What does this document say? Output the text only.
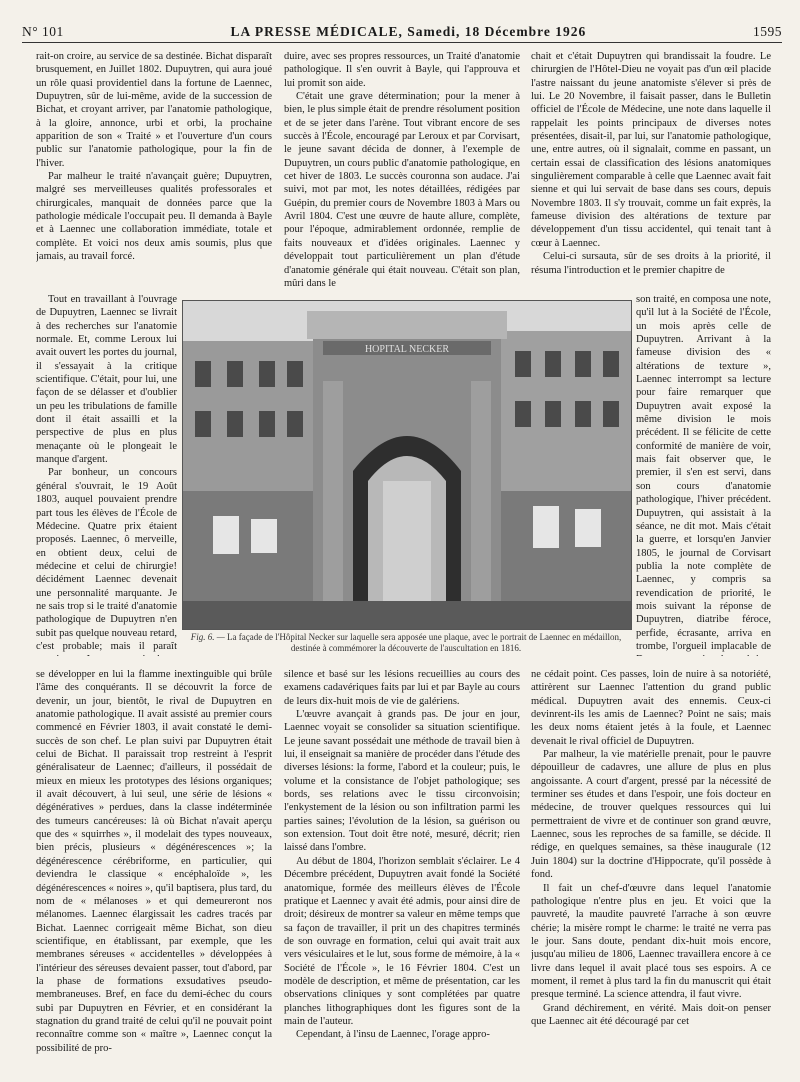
N° 101	LA PRESSE MÉDICALE, Samedi, 18 Décembre 1926	1595

rait-on croire, au service de sa destinée. Bichat disparaît brusquement, en Juillet 1802. Dupuytren, qui aura joué un rôle quasi providentiel dans la fortune de Laennec, Dupuytren, sûr de lui-même, avide de la succession de Bichat, et croyant arriver, par l'anatomie pathologique, à la gloire, annonce, urbi et orbi, la prochaine apparition de son « Traité » et l'ouverture d'un cours public sur l'anatomie pathologique, pour la fin de l'hiver.

Par malheur le traité n'avançait guère; Dupuytren, malgré ses merveilleuses qualités professorales et chirurgicales, manquait de données parce que la pathologie médicale l'occupait peu. Il demanda à Bayle et à Laennec une collaboration immédiate, totale et complète. Et voici nos deux amis soumis, plus que jamais, au travail forcé.

Tout en travaillant à l'ouvrage de Dupuytren, Laennec se livrait à des recherches sur l'anatomie normale. Et, comme Leroux lui avait ouvert les portes du journal, il s'essayait à la critique scientifique. C'était, pour lui, une façon de se délasser et d'oublier un peu les tribulations de famille dont il était assailli et la perspective de plus en plus menaçante où le plongeait le manque d'argent.

Par bonheur, un concours général s'ouvrait, le 19 Août 1803, auquel pouvaient prendre part tous les élèves de l'École de Médecine. Quatre prix étaient proposés. Laennec, ô merveille, en obtient deux, celui de médecine et celui de chirurgie! décidément Laennec devenait une personnalité marquante. Je ne sais trop si le traité d'anatomie pathologique de Dupuytren n'en subit pas quelque nouveau retard, c'est probable; mais il paraît

se développer en lui la flamme inextinguible qui brûle l'âme des conquérants. Il se découvrit la force de devenir, un jour, bientôt, le rival de Dupuytren en anatomie pathologique. Il avait assisté au premier cours commencé en Février 1803, il avait constaté le demi-succès de son chef. Le plan suivi par Dupuytren était celui de Bichat. Il paraissait trop restreint à l'esprit généralisateur de Laennec; d'ailleurs, il possédait de mieux en mieux les prototypes des lésions organiques; il avait découvert, à lui seul, une série de lésions « dégénératives » perdues, dans la classe indéterminée des tumeurs cancéreuses: là où Bichat n'avait aperçu que des « squirrhes », il modelait des types nouveaux, bien précis, plusieurs « dégénérescences »; la dégénérescence cérébriforme, en particulier, qui deviendra le classique « encéphaloïde », les dégénérescences « noires », qu'il baptisera, plus tard, du nom de « mélanoses » et qui demeureront nos mélanomes. Laennec élargissait les cadres tracés par Bichat. Laennec corrigeait même Bichat, son dieu scientifique, en établissant, par exemple, que les membranes séreuses « accidentelles » développées à l'intérieur des séreuses devaient passer, tout d'abord, par la phase de formations exsudatives pseudo-membraneuses. Bref, en face du demi-échec du cours subi par Dupuytren en Février, et en considérant la stagnation du grand traité de celui qu'il ne pouvait point reconnaître comme son « maître », Laennec conçut la possibilité de pro-

duire, avec ses propres ressources, un Traité d'anatomie pathologique. Il s'en ouvrit à Bayle, qui l'approuva et lui promit son aide.

C'était une grave détermination; pour la mener à bien, le plus simple était de prendre résolument position et de se jeter dans l'arène. Tout vibrant encore de ses succès à l'École, encouragé par Leroux et par Corvisart, le jeune savant décida de donner, à l'exemple de Dupuytren, un cours public d'anatomie pathologique, en cet hiver de 1803. Le succès couronna son audace. J'ai suivi, mot par mot, les notes détaillées, rédigées par Guépin, du premier cours de Novembre 1803 à Mars ou Avril 1804. C'est une œuvre de haute allure, complète, pour l'époque, admirablement ordonnée, remplie de faits nouveaux et d'idées originales. Laennec y développait tout particulièrement un plan d'étude d'anatomie générale qui était nouveau. C'était son plan, mûri dans le

silence et basé sur les lésions recueillies au cours des examens cadavériques faits par lui et par Bayle au cours de leurs dix-huit mois de vie de galériens.

L'œuvre avançait à grands pas. De jour en jour, Laennec voyait se consolider sa situation scientifique. Le jeune savant possédait une méthode de travail bien à lui, il enseignait sa manière de procéder dans l'étude des diverses lésions: la forme, l'abord et la couleur; puis, le volume et la consistance de l'objet pathologique; ses bords, ses relations avec le tissu circonvoisin; l'enkystement de la lésion ou son infiltration parmi les parties saines; l'évolution de la lésion, sa guérison ou son extension. Tout doit être noté, mesuré, décrit; rien laissé dans l'ombre.

Au début de 1804, l'horizon semblait s'éclairer. Le 4 Décembre précédent, Dupuytren avait fondé la Société anatomique, formée des meilleurs élèves de l'École pratique et Laennec y avait été admis, pour ainsi dire de droit; désireux de montrer sa valeur en même temps que sa façon de travailler, il prit un des chapitres terminés de son ouvrage en formation, celui qui avait trait aux vers vésiculaires et le lut, sous forme de mémoire, à la « Société de l'École », le 16 Février 1804. C'est un modèle de description, et même de présentation, car les observations cliniques y sont complétées par quatre planches lithographiques dont les figures sont de la main de l'auteur.

Cependant, à l'insu de Laennec, l'orage appro-

chait et c'était Dupuytren qui brandissait la foudre. Le chirurgien de l'Hôtel-Dieu ne voyait pas d'un œil placide l'astre naissant du jeune anatomiste s'élever si près de lui. Le 20 Novembre, il faisait passer, dans le Bulletin officiel de l'École de Médecine, une note dans laquelle il rappelait les points principaux de diverses notes présentées, disait-il, par lui, sur l'anatomie pathologique, une, entre autres, où il signalait, comme en passant, un certain essai de classification des lésions anatomiques singulièrement comparable à celle que Laennec avait fait sienne et qui lui servait de base dans ses cours, depuis Novembre 1803. Il s'y trouvait, comme un fait exprès, la fameuse division des altérations de texture par développement d'un tissu accidentel, qui tenait tant à cœur à Laennec.

Celui-ci sursauta, sûr de ses droits à la priorité, il résuma l'introduction et le premier chapitre de

son traité, en composa une note, qu'il lut à la Société de l'École, un mois après celle de Dupuytren. Arrivant à la fameuse division des « altérations de texture », Laennec interrompt sa lecture pour faire remarquer que Dupuytren avait exposé la même division le mois précédent. Il se félicite de cette conformité de manière de voir, mais fait observer que, le premier, il s'en est servi, dans son cours d'anatomie pathologique, l'hiver précédent. Dupuytren, qui assistait à la séance, ne dit mot. Mais c'était la guerre, et lorsqu'en Janvier 1805, le journal de Corvisart publia la note complète de Laennec, y compris sa revendication de priorité, le mois suivant la réponse de Dupuytren, diatribe féroce, perfide, écrasante, arriva en trombe, l'orgueil implacable de

ne cédait point. Ces passes, loin de nuire à sa notoriété, attirèrent sur Laennec l'attention du grand public médical. Dupuytren avait des ennemis. Ceux-ci devinrent-ils les amis de Laennec? Point ne sais; mais les deux noms étaient jetés à la foule, et Laennec devenait le rival officiel de Dupuytren.

Par malheur, la vie matérielle prenait, pour le pauvre dépouilleur de cadavres, une allure de plus en plus angoissante. A court d'argent, pressé par la nécessité de terminer ses études et dans l'espoir, une fois docteur en médecine, de trouver quelques ressources qui lui permettraient de vivre et de continuer son grand œuvre, Laennec, sous les reproches de sa famille, se décide. Il rédige, en quelques semaines, sa thèse inaugurale (12 Juin 1804) sur la doctrine d'Hippocrate, qu'il possède à fond.

Il fait un chef-d'œuvre dans lequel l'anatomie pathologique n'entre plus en jeu. Et voici que la pauvreté, la maudite pauvreté l'arrache à son œuvre chérie; la misère rompt le charme: le traité ne verra pas le jour. Sans doute, pendant dix-huit mois encore, jusqu'au milieu de 1806, Laennec travaillera encore à ce livre dans lequel il avait placé tous ses espoirs. A ce moment, il remet à plus tard la fin du manuscrit qui était presque terminé. La science attendra, il faut vivre.

Grand déchirement, en vérité. Mais doit-on penser que Laennec ait été découragé par cet

HOPITAL NECKER
Fig. 6. — La façade de l'Hôpital Necker sur laquelle sera apposée une plaque, avec le portrait de Laennec en médaillon, destinée à commémorer la découverte de l'auscultation en 1816.
